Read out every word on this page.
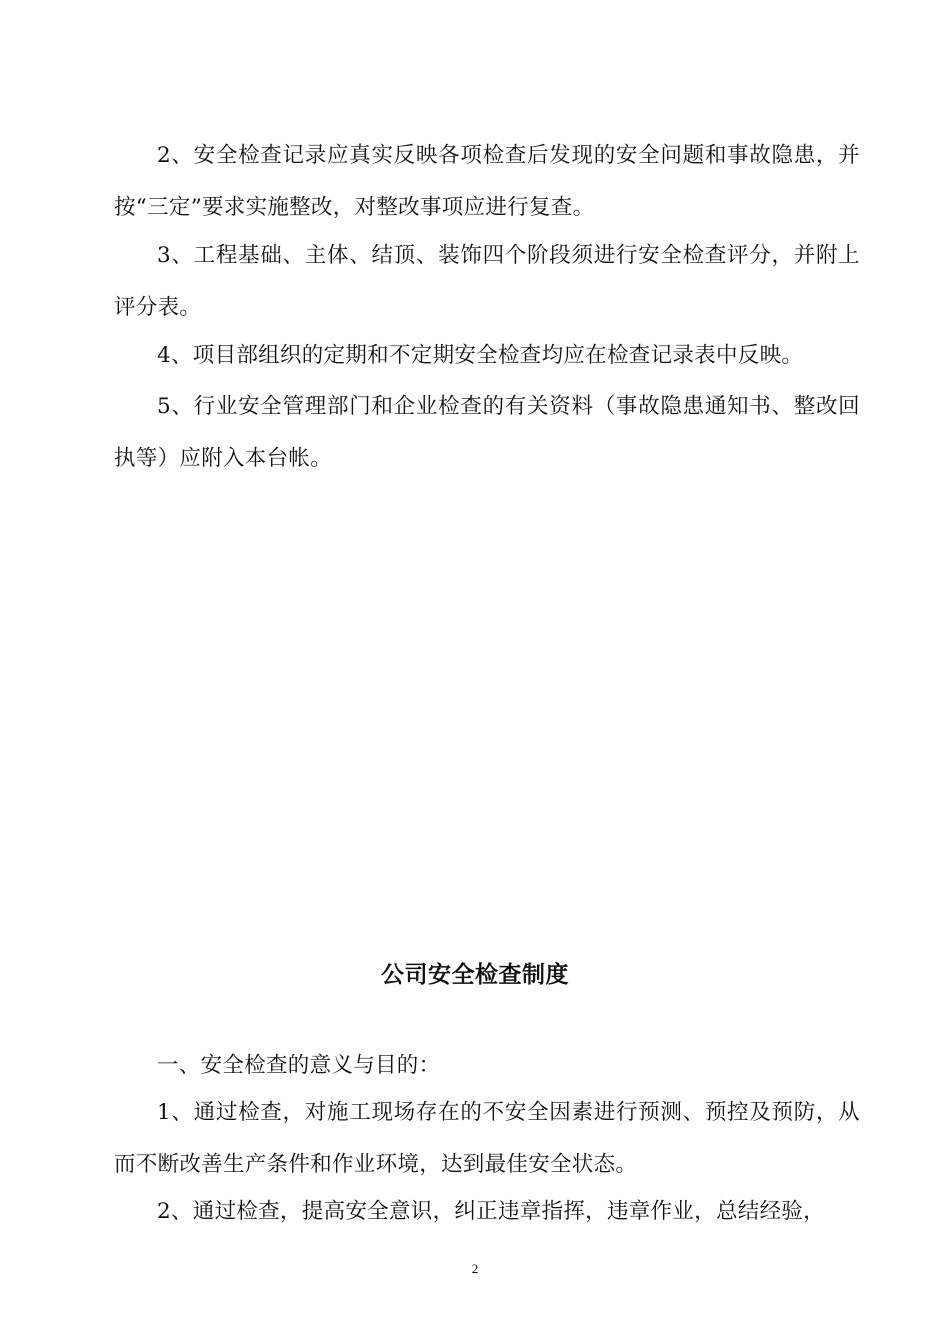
2、安全检查记录应真实反映各项检查后发现的安全问题和事故隐患，并按“三定”要求实施整改，对整改事项应进行复查。

3、工程基础、主体、结顶、装饰四个阶段须进行安全检查评分，并附上评分表。

4、项目部组织的定期和不定期安全检查均应在检查记录表中反映。

5、行业安全管理部门和企业检查的有关资料（事故隐患通知书、整改回执等）应附入本台帐。

公司安全检查制度

一、安全检查的意义与目的：

1、通过检查，对施工现场存在的不安全因素进行预测、预控及预防，从而不断改善生产条件和作业环境，达到最佳安全状态。

2、通过检查，提高安全意识，纠正违章指挥，违章作业，总结经验，

2
